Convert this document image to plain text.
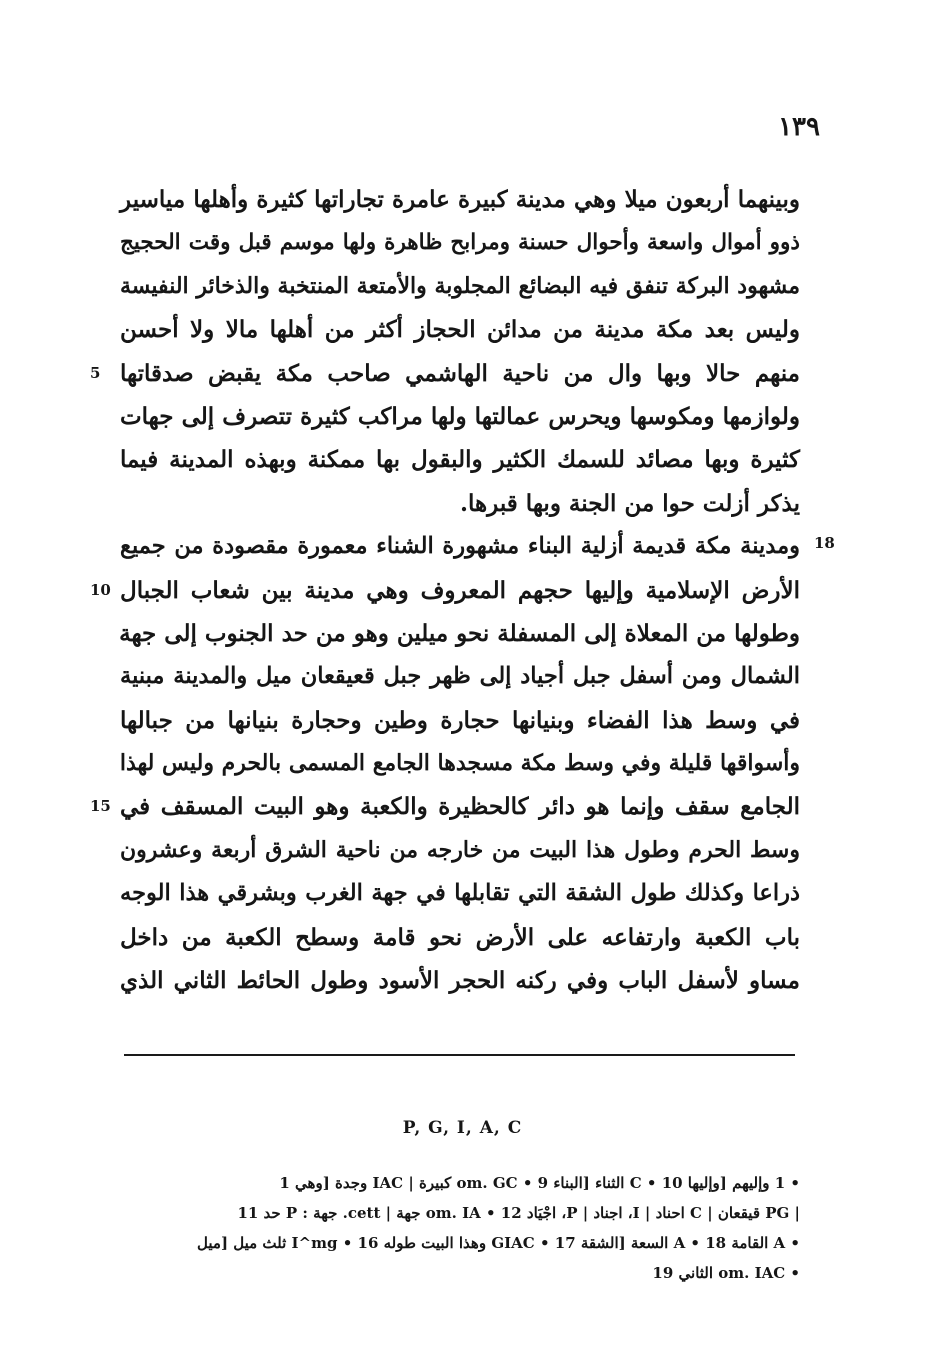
١٣٩
وبينهما أربعون ميلا وهي مدينة كبيرة عامرة تجاراتها كثيرة وأهلها مياسير
ذوو أموال واسعة وأحوال حسنة ومرابح ظاهرة ولها موسم قبل وقت الحجيج
مشهود البركة تنفق فيه البضائع المجلوبة والأمتعة المنتخبة والذخائر النفيسة
وليس بعد مكة مدينة من مدائن الحجاز أكثر من أهلها مالا ولا أحسن
منهم حالا وبها وال من ناحية الهاشمي صاحب مكة يقبض صدقاتها
5
ولوازمها ومكوسها ويحرس عمالتها ولها مراكب كثيرة تتصرف إلى جهات
كثيرة وبها مصائد للسمك الكثير والبقول بها ممكنة وبهذه المدينة فيما
يذكر أزلت حوا من الجنة وبها قبرها.
ومدينة مكة قديمة أزلية البناء مشهورة الشناء معمورة مقصودة من جميع
الأرض الإسلامية وإليها حجهم المعروف وهي مدينة بين شعاب الجبال
10
وطولها من المعلاة إلى المسفلة نحو ميلين وهو من حد الجنوب إلى جهة
الشمال ومن أسفل جبل أجياد إلى ظهر جبل قعيقعان ميل والمدينة مبنية
في وسط هذا الفضاء وبنيانها حجارة وطين وحجارة بنيانها من جبالها
وأسواقها قليلة وفي وسط مكة مسجدها الجامع المسمى بالحرم وليس لهذا
الجامع سقف وإنما هو دائر كالحظيرة والكعبة وهو البيت المسقف في
15
وسط الحرم وطول هذا البيت من خارجه من ناحية الشرق أربعة وعشرون
ذراعا وكذلك طول الشقة التي تقابلها في جهة الغرب وبشرقي هذا الوجه
باب الكعبة وارتفاعه على الأرض نحو قامة وسطح الكعبة من داخل
مساو لأسفل الباب وفي ركنه الحجر الأسود وطول الحائط الثاني الذي
18
P, G, I, A, C
• 1 وإليهم [وإليها 10 • C الثناء [البناء 9 • om. GC كبيرة | IAC وجدة [وهي 1
| PG قيقعان | C احناد | I، اجناد | P، اجْيَاد 12 • om. IA جهة | cett. جهة : P حد 11
• A القامة 18 • A السعة [الشقة 17 • GIAC وهذا البيت طوله 16 • I^mg ثلث ميل [ميل
• om. IAC الثاني 19
